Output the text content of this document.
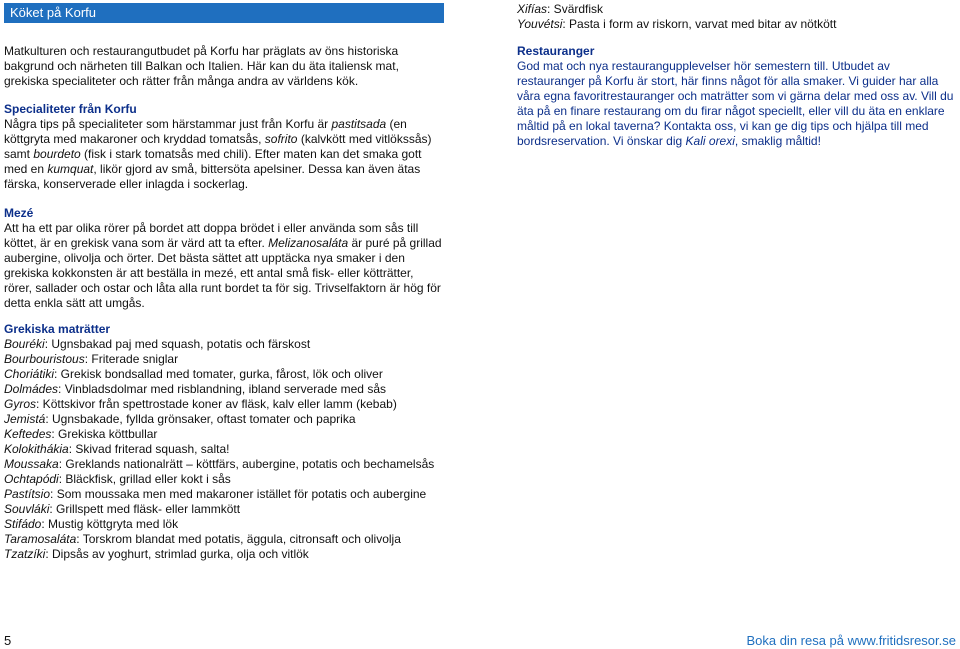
Köket på Korfu

Matkulturen och restaurangutbudet på Korfu har präglats av öns historiska bakgrund och närheten till Balkan och Italien. Här kan du äta italiensk mat, grekiska specialiteter och rätter från många andra av världens kök.

Specialiteter från Korfu
Några tips på specialiteter som härstammar just från Korfu är pastitsada (en köttgryta med makaroner och kryddad tomatsås, sofrito (kalvkött med vitlökssås) samt bourdeto (fisk i stark tomatsås med chili). Efter maten kan det smaka gott med en kumquat, likör gjord av små, bittersöta apelsiner. Dessa kan även ätas färska, konserverade eller inlagda i sockerlag.
Mezé
Att ha ett par olika rörer på bordet att doppa brödet i eller använda som sås till köttet, är en grekisk vana som är värd att ta efter. Melizanosaláta är puré på grillad aubergine, olivolja och örter. Det bästa sättet att upptäcka nya smaker i den grekiska kokkonsten är att beställa in mezé, ett antal små fisk- eller kötträtter, rörer, sallader och ostar och låta alla runt bordet ta för sig. Trivselfaktorn är hög för detta enkla sätt att umgås.
Grekiska maträtter
Bouréki: Ugnsbakad paj med squash, potatis och färskost
Bourbouristous: Friterade sniglar
Choriátiki: Grekisk bondsallad med tomater, gurka, fårost, lök och oliver
Dolmádes: Vinbladsdolmar med risblandning, ibland serverade med sås
Gyros: Köttskivor från spettrostade koner av fläsk, kalv eller lamm (kebab)
Jemistá: Ugnsbakade, fyllda grönsaker, oftast tomater och paprika
Keftedes: Grekiska köttbullar
Kolokithákia: Skivad friterad squash, salta!
Moussaka: Greklands nationalrätt – köttfärs, aubergine, potatis och bechamelsås
Ochtapódi: Bläckfisk, grillad eller kokt i sås
Pastítsio: Som moussaka men med makaroner istället för potatis och aubergine
Souvláki: Grillspett med fläsk- eller lammkött
Stifádo: Mustig köttgryta med lök
Taramosaláta: Torskrom blandat med potatis, äggula, citronsaft och olivolja
Tzatzíki: Dipsås av yoghurt, strimlad gurka, olja och vitlök
Xifías: Svärdfisk
Youvétsi: Pasta i form av riskorn, varvat med bitar av nötkött
Restauranger
God mat och nya restaurangupplevelser hör semestern till. Utbudet av restauranger på Korfu är stort, här finns något för alla smaker. Vi guider har alla våra egna favoritrestauranger och maträtter som vi gärna delar med oss av. Vill du äta på en finare restaurang om du firar något speciellt, eller vill du äta en enklare måltid på en lokal taverna? Kontakta oss, vi kan ge dig tips och hjälpa till med bordsreservation. Vi önskar dig Kali orexi, smaklig måltid!
5	Boka din resa på www.fritidsresor.se
